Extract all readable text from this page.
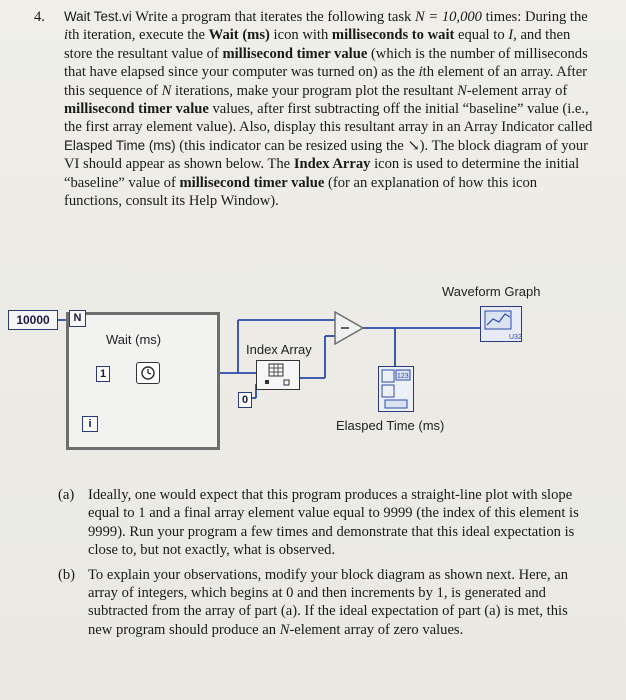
4. Wait Test.vi Write a program that iterates the following task N = 10,000 times: During the ith iteration, execute the Wait (ms) icon with milliseconds to wait equal to I, and then store the resultant value of millisecond timer value (which is the number of milliseconds that have elapsed since your computer was turned on) as the ith element of an array. After this sequence of N iterations, make your program plot the resultant N-element array of millisecond timer value values, after first subtracting off the initial “baseline” value (i.e., the first array element value). Also, display this resultant array in an Array Indicator called Elasped Time (ms) (this indicator can be resized using the ↘). The block diagram of your VI should appear as shown below. The Index Array icon is used to determine the initial “baseline” value of millisecond timer value (for an explanation of how this icon functions, consult its Help Window).

10000	N
Wait (ms)
1
i
Index Array
0
Waveform Graph
U32
123
Elasped Time (ms)
(a) Ideally, one would expect that this program produces a straight-line plot with slope equal to 1 and a final array element value equal to 9999 (the index of this element is 9999). Run your program a few times and demonstrate that this ideal expectation is close to, but not exactly, what is observed.
(b) To explain your observations, modify your block diagram as shown next. Here, an array of integers, which begins at 0 and then increments by 1, is generated and subtracted from the array of part (a). If the ideal expectation of part (a) is met, this new program should produce an N-element array of zero values.
